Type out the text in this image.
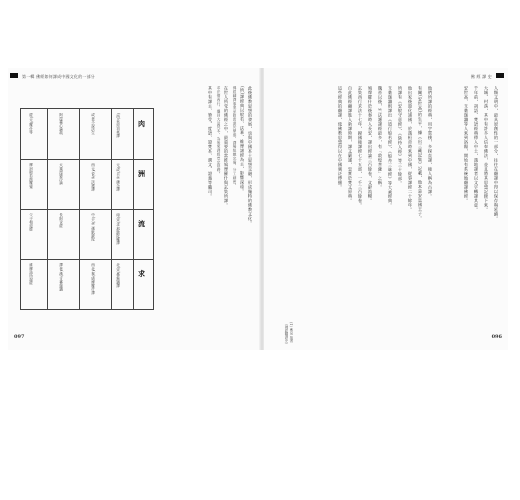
第一輯 佛經如何譯成中國文化的一部分
肉
洲
流
求
(西)泉迎初來譯
元(或)日竺佛念譯
南(宋)求那跋陀羅譯
北(宋)曇無讖譯
或者不說法生
西元(晉)竺法護譯
中(天)竺佛馱跋陀
西北(秦)鳩摩羅什譯
阿毘曇心論疏
大乘毘婆沙論
長阿含經
譯者(漢)支婁迦讖
經(元)羅什等
摩訶般若波羅蜜
父子相迎經
維摩詰所說經
此後佛教思想的發展，也與中國本土思想交融，形成獨特的佛教文化。
(所)譯經典以般若、法華、維摩諸經為主，影響深遠。
佛經翻譯事業至隋唐達於鼎盛，譯場組織完備，分工細密。
在世人所受的佛經之中，最重要的當推鳩摩羅什與玄奘所譯。
求法僧西行，攜回大量梵本，為後來譯經奠定基礎。
其中有譯主、筆受、度語、證梵本、潤文、證義等職司。
097
佛 經 譯 史
人類文明中，最具原創性的一部分，往往在翻譯中得以保存與延續。
大城、村落，其中有許多人信奉佛法，並且將其思想記錄下來。
千年前，胡語、梵語經典傳入中土，漢地譯者以文字轉譯其意。
安世高、支婁迦讖等人來到洛陽，開始有系統地翻譯佛經。
他們所譯的經典，用字質樸，多採直譯，後人稱為古譯。
有關(安世高)的生平，據《出三藏記集》記載，他本是安息國王子。
他出家後遊化諸國，於漢桓帝時來到中國，從事譯經二十餘年。
所譯有《安般守意經》、《陰持入經》等三十餘部。
支婁迦讖則譯出《道行般若經》、《般舟三昧經》等大乘經典。
魏晉以後，竺法護譯經最多，有「敦煌菩薩」之稱。
鳩摩羅什於後秦時入長安，譯出經論三百餘卷，文辭流暢。
玄奘西行求法十七年，歸國後譯經七十五部，一千三百餘卷。
自此佛經翻譯進入新譯時期，譯文嚴謹，忠實於梵文原典。
這些經典的翻譯，使佛教思想得以在中國廣泛傳播。
(1) 參見 拙著《佛經翻譯史》	096
